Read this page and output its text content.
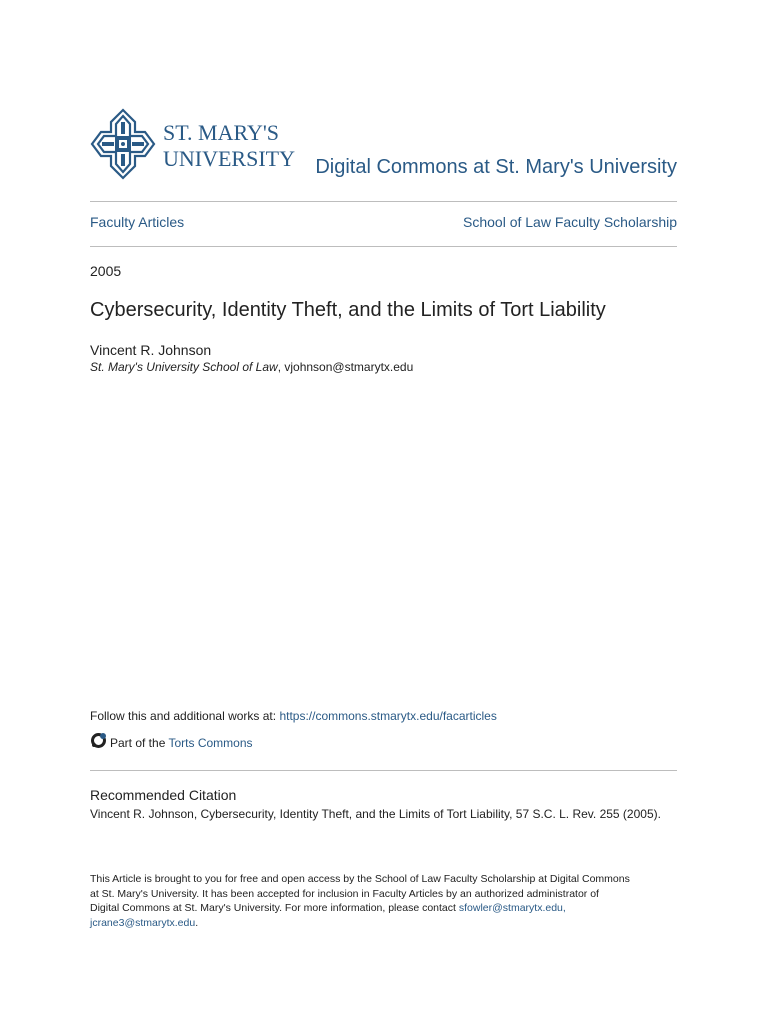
ST. MARY'S
UNIVERSITY Digital Commons at St. Mary's University
Faculty Articles	School of Law Faculty Scholarship
2005
Cybersecurity, Identity Theft, and the Limits of Tort Liability
Vincent R. Johnson
St. Mary's University School of Law, vjohnson@stmarytx.edu
Follow this and additional works at: https://commons.stmarytx.edu/facarticles
Part of the Torts Commons
Recommended Citation
Vincent R. Johnson, Cybersecurity, Identity Theft, and the Limits of Tort Liability, 57 S.C. L. Rev. 255 (2005).
This Article is brought to you for free and open access by the School of Law Faculty Scholarship at Digital Commons at St. Mary's University. It has been accepted for inclusion in Faculty Articles by an authorized administrator of Digital Commons at St. Mary's University. For more information, please contact sfowler@stmarytx.edu, jcrane3@stmarytx.edu.
